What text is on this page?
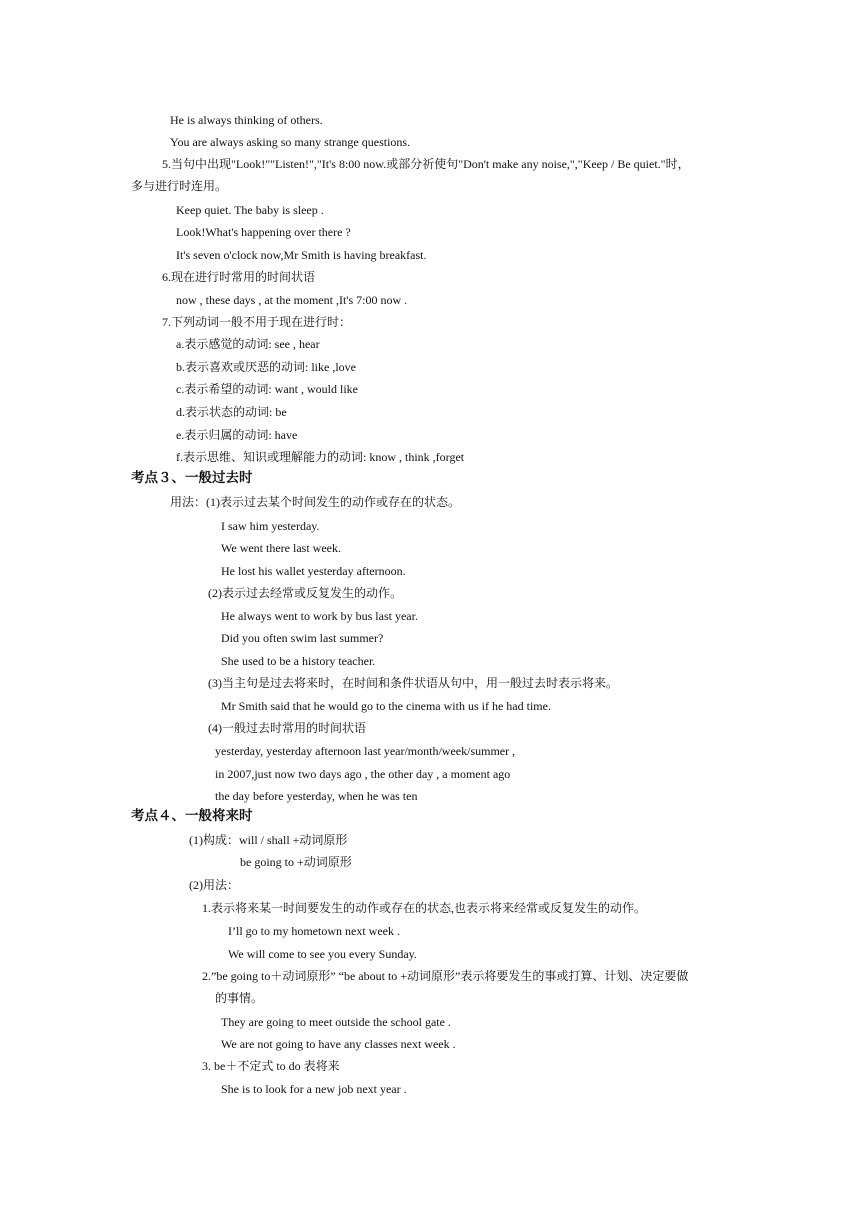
He is always thinking of others.
You are always asking so many strange questions.
5.当句中出现"Look!""Listen!","It's 8:00 now.或部分祈使句"Don't make any noise,","Keep / Be quiet."时，
多与进行时连用。
Keep quiet. The baby is sleep .
Look!What's happening over there ?
It's seven o'clock now,Mr Smith is having breakfast.
6.现在进行时常用的时间状语
now , these days , at the moment ,It's 7:00 now .
7.下列动词一般不用于现在进行时：
a.表示感觉的动词: see , hear
b.表示喜欢或厌恶的动词: like ,love
c.表示希望的动词: want , would like
d.表示状态的动词: be
e.表示归属的动词: have
f.表示思维、知识或理解能力的动词: know , think ,forget
考点３、一般过去时
用法：(1)表示过去某个时间发生的动作或存在的状态。
I saw him yesterday.
We went there last week.
He lost his wallet yesterday afternoon.
(2)表示过去经常或反复发生的动作。
He always went to work by bus last year.
Did you often swim last summer?
She used to be a history teacher.
(3)当主句是过去将来时，在时间和条件状语从句中，用一般过去时表示将来。
Mr Smith said that he would go to the cinema with us if he had time.
(4)一般过去时常用的时间状语
yesterday, yesterday afternoon last year/month/week/summer ,
in 2007,just now two days ago , the other day , a moment ago
the day before yesterday, when he was ten
考点４、一般将来时
(1)构成：will / shall +动词原形
be going to +动词原形
(2)用法：
1.表示将来某一时间要发生的动作或存在的状态,也表示将来经常或反复发生的动作。
I’ll go to my hometown next week .
We will come to see you every Sunday.
2.”be going to＋动词原形” “be about to +动词原形”表示将要发生的事或打算、计划、决定要做
的事情。
They are going to meet outside the school gate .
We are not going to have any classes next week .
3. be＋不定式 to do 表将来
She is to look for a new job next year .
